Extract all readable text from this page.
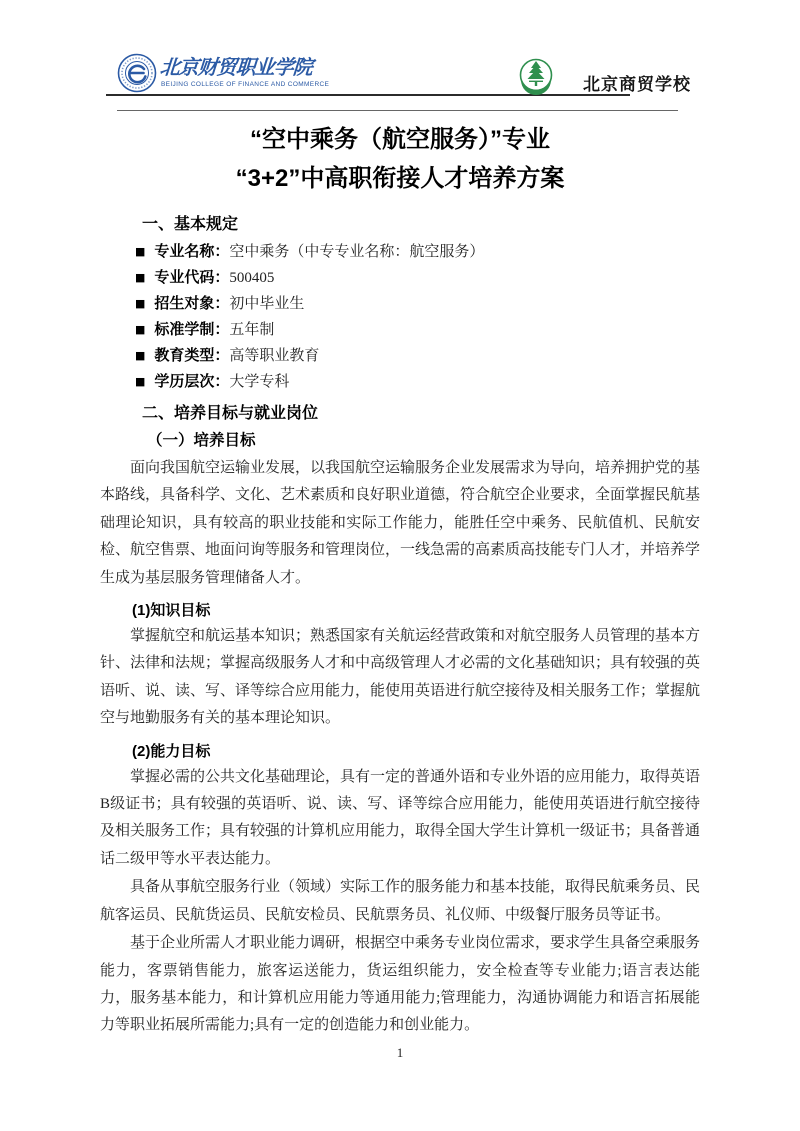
北京财贸职业学院
BEIJING COLLEGE OF FINANCE AND COMMERCE	北京商贸学校
“空中乘务（航空服务）”专业
“3+2”中高职衔接人才培养方案
一、基本规定
■ 专业名称：空中乘务（中专专业名称：航空服务）
■ 专业代码：500405
■ 招生对象：初中毕业生
■ 标准学制：五年制
■ 教育类型：高等职业教育
■ 学历层次：大学专科
二、培养目标与就业岗位
（一）培养目标

面向我国航空运输业发展，以我国航空运输服务企业发展需求为导向，培养拥护党的基本路线，具备科学、文化、艺术素质和良好职业道德，符合航空企业要求，全面掌握民航基础理论知识，具有较高的职业技能和实际工作能力，能胜任空中乘务、民航值机、民航安检、航空售票、地面问询等服务和管理岗位，一线急需的高素质高技能专门人才，并培养学生成为基层服务管理储备人才。

(1)知识目标

掌握航空和航运基本知识；熟悉国家有关航运经营政策和对航空服务人员管理的基本方针、法律和法规；掌握高级服务人才和中高级管理人才必需的文化基础知识；具有较强的英语听、说、读、写、译等综合应用能力，能使用英语进行航空接待及相关服务工作；掌握航空与地勤服务有关的基本理论知识。

(2)能力目标

掌握必需的公共文化基础理论，具有一定的普通外语和专业外语的应用能力，取得英语B级证书；具有较强的英语听、说、读、写、译等综合应用能力，能使用英语进行航空接待及相关服务工作；具有较强的计算机应用能力，取得全国大学生计算机一级证书；具备普通话二级甲等水平表达能力。

具备从事航空服务行业（领域）实际工作的服务能力和基本技能，取得民航乘务员、民航客运员、民航货运员、民航安检员、民航票务员、礼仪师、中级餐厅服务员等证书。

基于企业所需人才职业能力调研，根据空中乘务专业岗位需求，要求学生具备空乘服务能力，客票销售能力，旅客运送能力，货运组织能力，安全检查等专业能力;语言表达能力，服务基本能力，和计算机应用能力等通用能力;管理能力，沟通协调能力和语言拓展能力等职业拓展所需能力;具有一定的创造能力和创业能力。

1
